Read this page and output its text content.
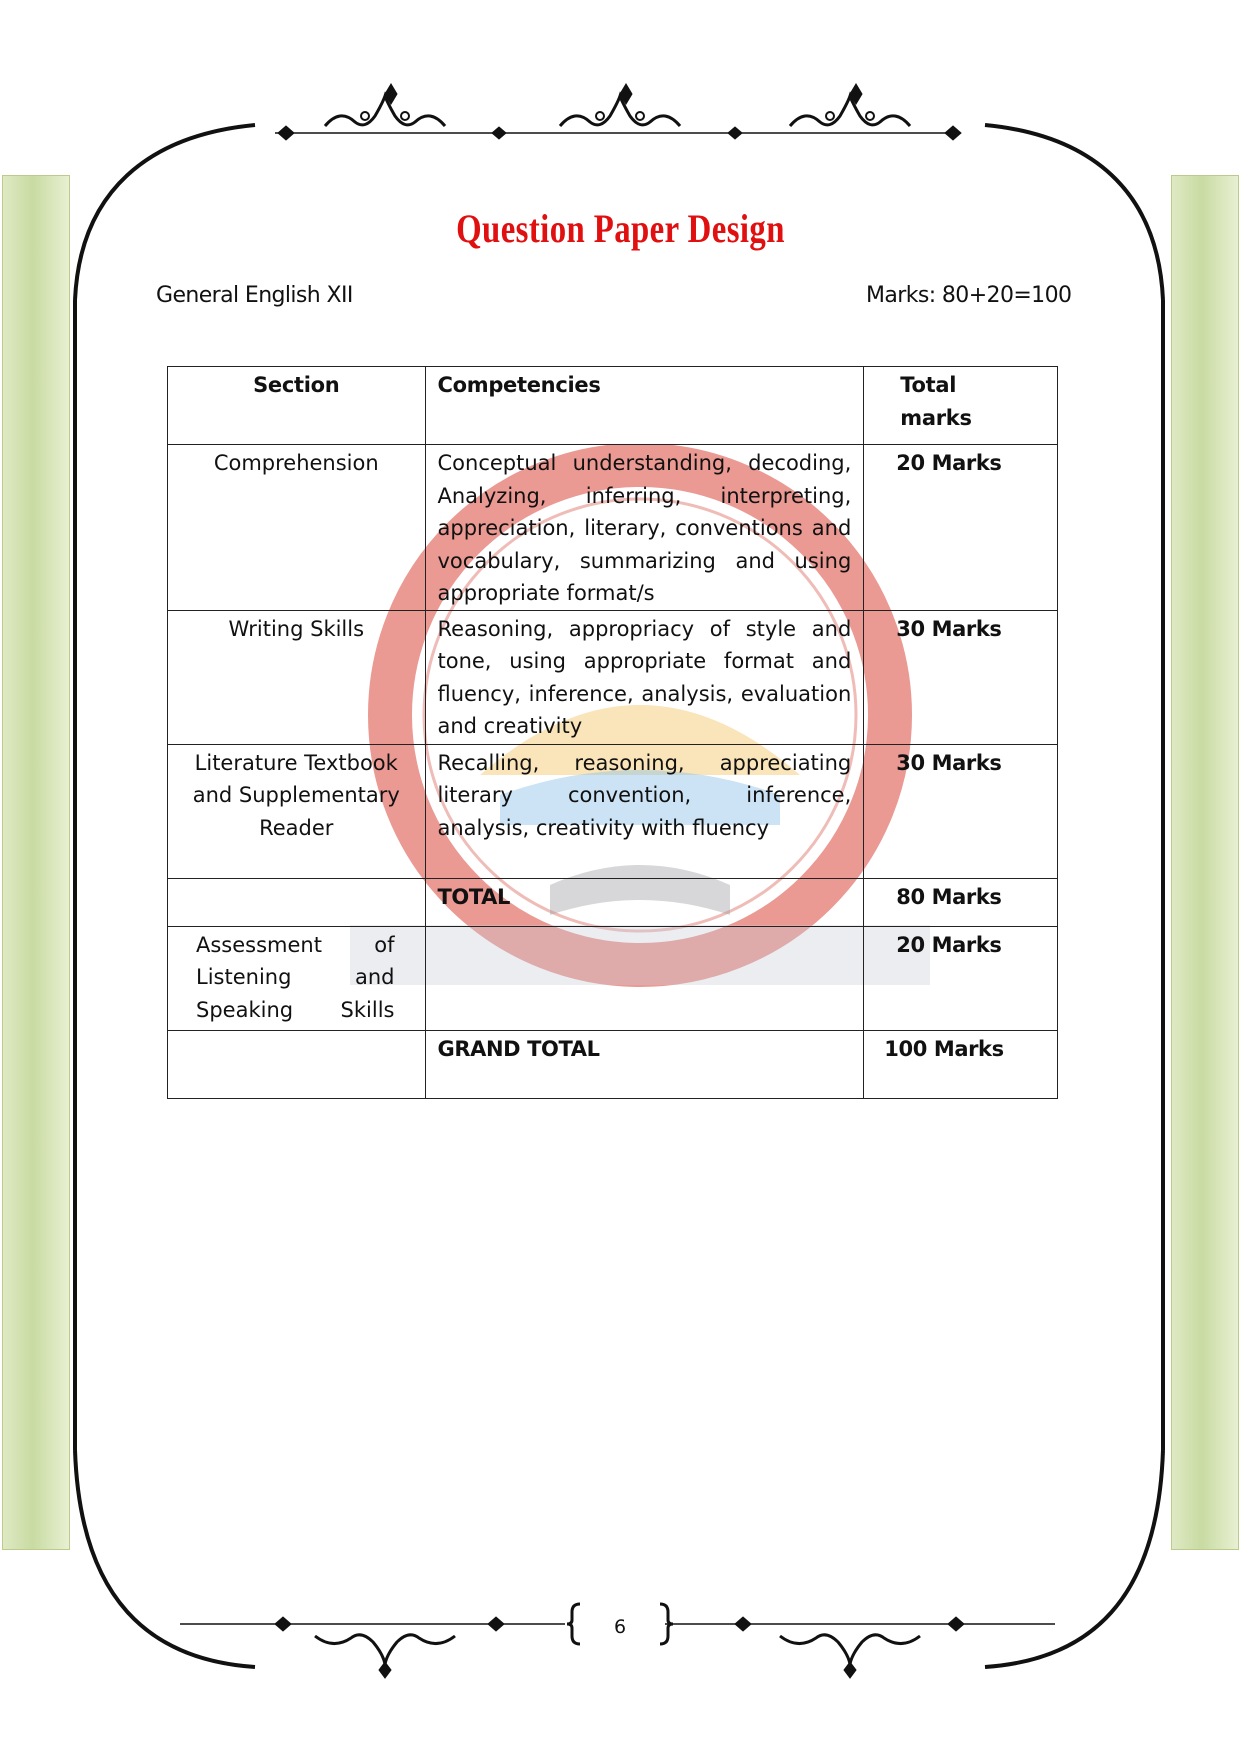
Question Paper Design
General English XII	Marks: 80+20=100
Section	Competencies	Total
marks
Comprehension	Conceptual understanding, decoding, Analyzing, inferring, interpreting, appreciation, literary, conventions and vocabulary, summarizing and using appropriate format/s	20 Marks
Writing Skills	Reasoning, appropriacy of style and tone, using appropriate format and fluency, inference, analysis, evaluation and creativity	30 Marks
Literature Textbook and Supplementary Reader	Recalling, reasoning, appreciating literary convention, inference, analysis, creativity with fluency	30 Marks
	TOTAL	80 Marks
Assessment of Listening and Speaking Skills		20 Marks
	GRAND TOTAL	100 Marks
6
